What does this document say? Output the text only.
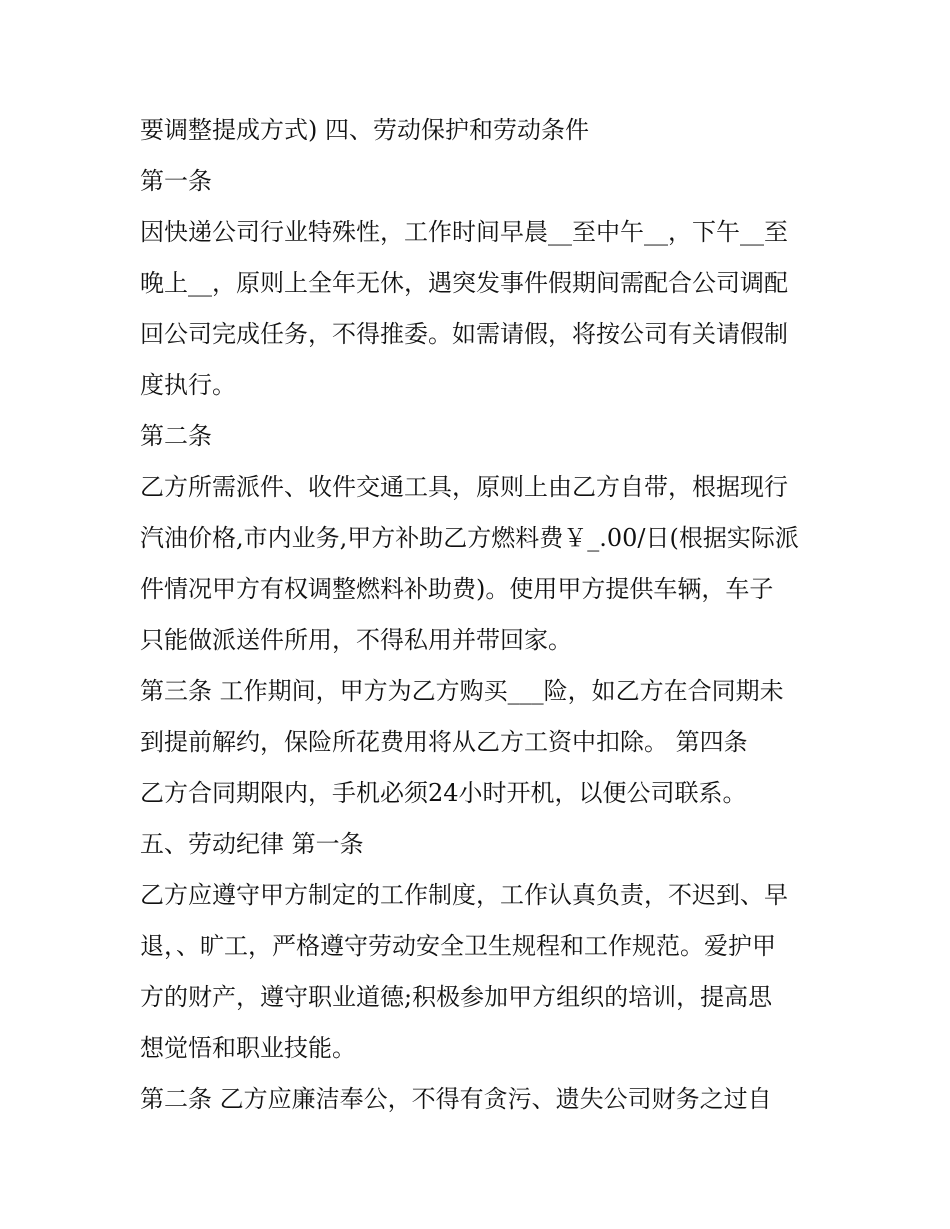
要调整提成方式) 四、劳动保护和劳动条件
第一条
因快递公司行业特殊性，工作时间早晨__至中午__，下午__至
晚上__，原则上全年无休，遇突发事件假期间需配合公司调配
回公司完成任务，不得推委。如需请假，将按公司有关请假制
度执行。
第二条
乙方所需派件、收件交通工具，原则上由乙方自带，根据现行
汽油价格,市内业务,甲方补助乙方燃料费￥_.00/日(根据实际派
件情况甲方有权调整燃料补助费)。使用甲方提供车辆，车子
只能做派送件所用，不得私用并带回家。
第三条 工作期间，甲方为乙方购买___险，如乙方在合同期未
到提前解约，保险所花费用将从乙方工资中扣除。 第四条
乙方合同期限内，手机必须24小时开机，以便公司联系。
五、劳动纪律 第一条
乙方应遵守甲方制定的工作制度，工作认真负责，不迟到、早
退，、旷工，严格遵守劳动安全卫生规程和工作规范。爱护甲
方的财产，遵守职业道德;积极参加甲方组织的培训，提高思
想觉悟和职业技能。
第二条 乙方应廉洁奉公，不得有贪污、遗失公司财务之过自
